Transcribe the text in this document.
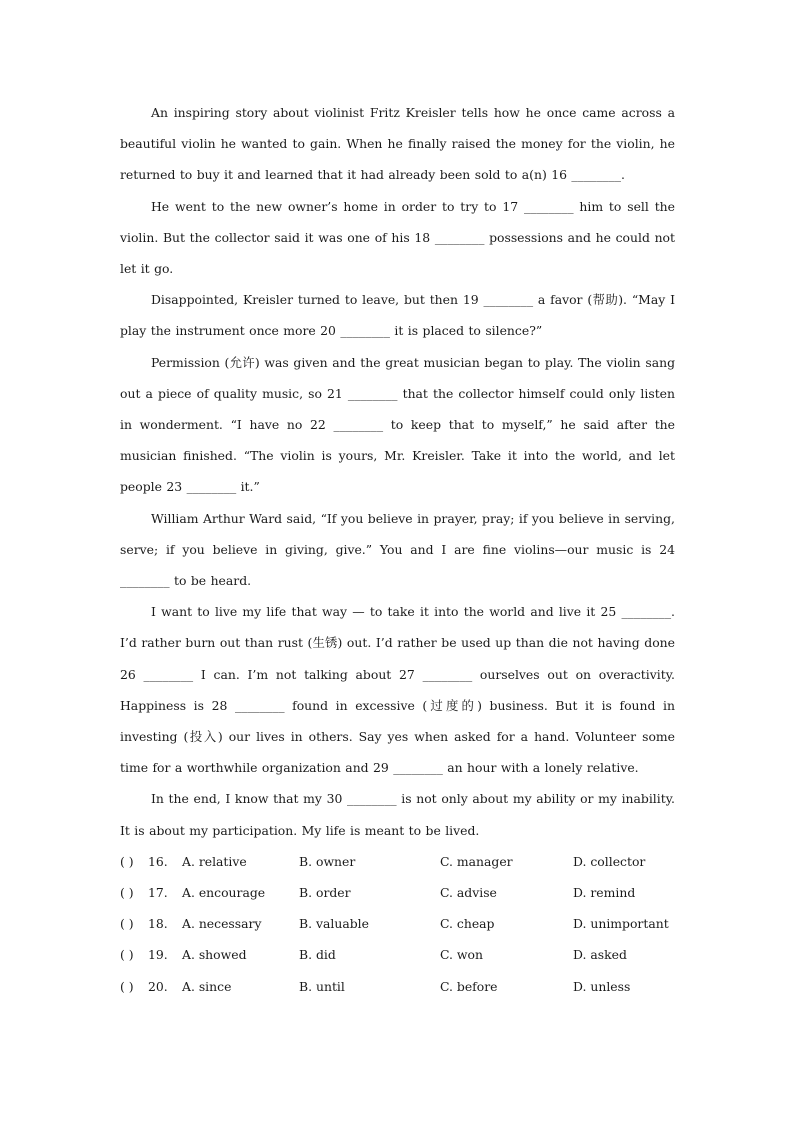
An inspiring story about violinist Fritz Kreisler tells how he once came across a beautiful violin he wanted to gain. When he finally raised the money for the violin, he returned to buy it and learned that it had already been sold to a(n) 16 ________.

He went to the new owner’s home in order to try to 17 ________ him to sell the violin. But the collector said it was one of his 18 ________ possessions and he could not let it go.

Disappointed, Kreisler turned to leave, but then 19 ________ a favor (帮助). “May I play the instrument once more 20 ________ it is placed to silence?”

Permission (允许) was given and the great musician began to play. The violin sang out a piece of quality music, so 21 ________ that the collector himself could only listen in wonderment. “I have no 22 ________ to keep that to myself,” he said after the musician finished. “The violin is yours, Mr. Kreisler. Take it into the world, and let people 23 ________ it.”

William Arthur Ward said, “If you believe in prayer, pray; if you believe in serving, serve; if you believe in giving, give.” You and I are fine violins—our music is 24 ________ to be heard.

I want to live my life that way — to take it into the world and live it 25 ________. I’d rather burn out than rust (生锈) out. I’d rather be used up than die not having done 26 ________ I can. I’m not talking about 27 ________ ourselves out on overactivity. Happiness is 28 ________ found in excessive (过度的) business. But it is found in investing (投入) our lives in others. Say yes when asked for a hand. Volunteer some time for a worthwhile organization and 29 ________ an hour with a lonely relative.

In the end, I know that my 30 ________ is not only about my ability or my inability. It is about my participation. My life is meant to be lived.

( ) 16. A. relative	B. owner	C. manager	D. collector
( ) 17. A. encourage	B. order	C. advise	D. remind
( ) 18. A. necessary	B. valuable	C. cheap	D. unimportant
( ) 19. A. showed	B. did	C. won	D. asked
( ) 20. A. since	B. until	C. before	D. unless
